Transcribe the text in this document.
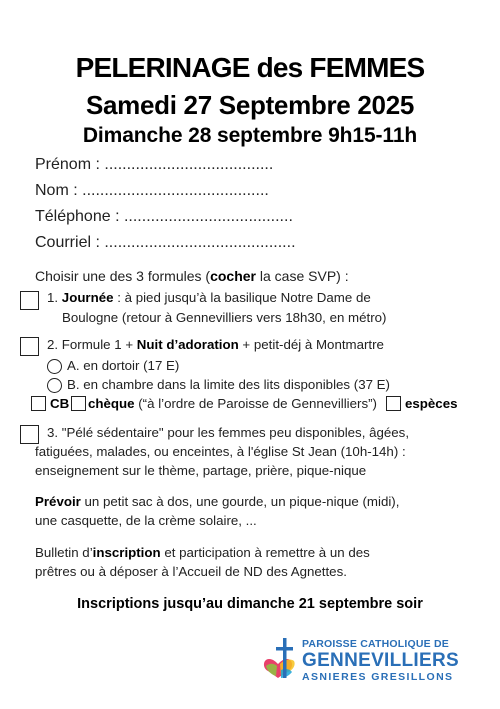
PELERINAGE des FEMMES
Samedi 27 Septembre 2025
Dimanche 28 septembre 9h15-11h
Prénom : ......................................
Nom : ..........................................
Téléphone : ......................................
Courriel : ...........................................
Choisir une des 3 formules (cocher la case SVP) :
1. Journée : à pied jusqu’à la basilique Notre Dame de
Boulogne (retour à Gennevilliers vers 18h30, en métro)
2. Formule 1 + Nuit d’adoration + petit-déj à Montmartre
A. en dortoir (17 E)
B. en chambre dans la limite des lits disponibles (37 E)
CB chèque (“à l’ordre de Paroisse de Gennevilliers”) espèces
3. "Pélé sédentaire" pour les femmes peu disponibles, âgées,
fatiguées, malades, ou enceintes, à l'église St Jean (10h-14h) :
enseignement sur le thème, partage, prière, pique-nique
Prévoir un petit sac à dos, une gourde, un pique-nique (midi),
une casquette, de la crème solaire, ...
Bulletin d’inscription et participation à remettre à un des
prêtres ou à déposer à l’Accueil de ND des Agnettes.
Inscriptions jusqu’au dimanche 21 septembre soir
PAROISSE CATHOLIQUE DE
GENNEVILLIERS
ASNIERES GRESILLONS
